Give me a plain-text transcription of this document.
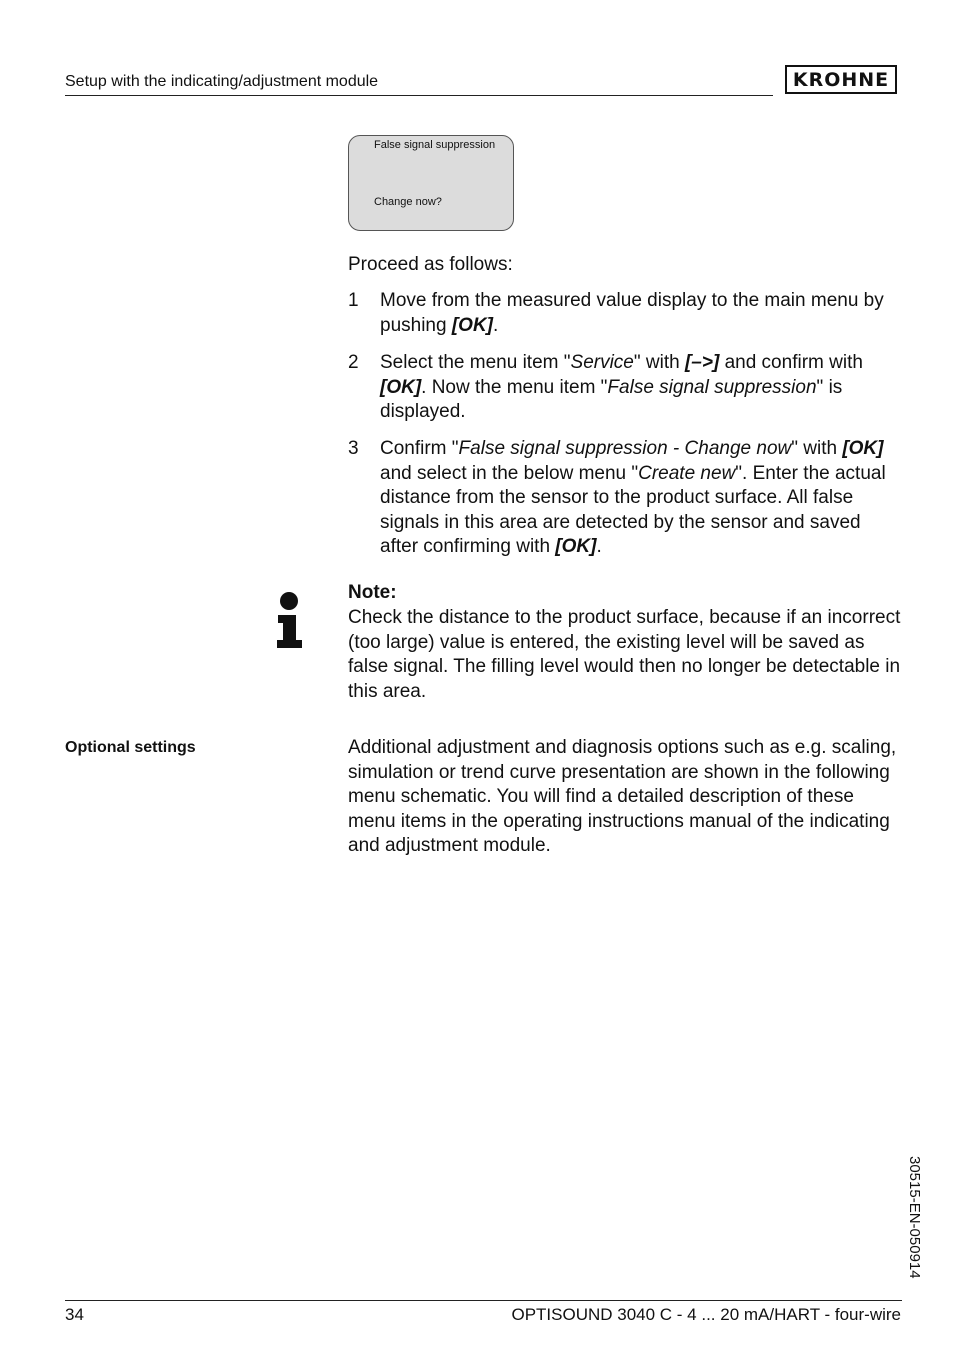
Setup with the indicating/adjustment module	KROHNE
False signal suppression
Change now?
Proceed as follows:
1 Move from the measured value display to the main menu by pushing [OK].
2 Select the menu item "Service" with [–>] and confirm with [OK]. Now the menu item "False signal suppression" is displayed.
3 Confirm "False signal suppression - Change now" with [OK] and select in the below menu "Create new". Enter the actual distance from the sensor to the product surface. All false signals in this area are detected by the sensor and saved after confirming with [OK].
Note:
Check the distance to the product surface, because if an incorrect (too large) value is entered, the existing level will be saved as false signal. The filling level would then no longer be detectable in this area.
Optional settings	Additional adjustment and diagnosis options such as e.g. scaling, simulation or trend curve presentation are shown in the following menu schematic. You will find a detailed description of these menu items in the operating instructions manual of the indicating and adjustment module.
30515-EN-050914
34	OPTISOUND 3040 C - 4 ... 20 mA/HART - four-wire
